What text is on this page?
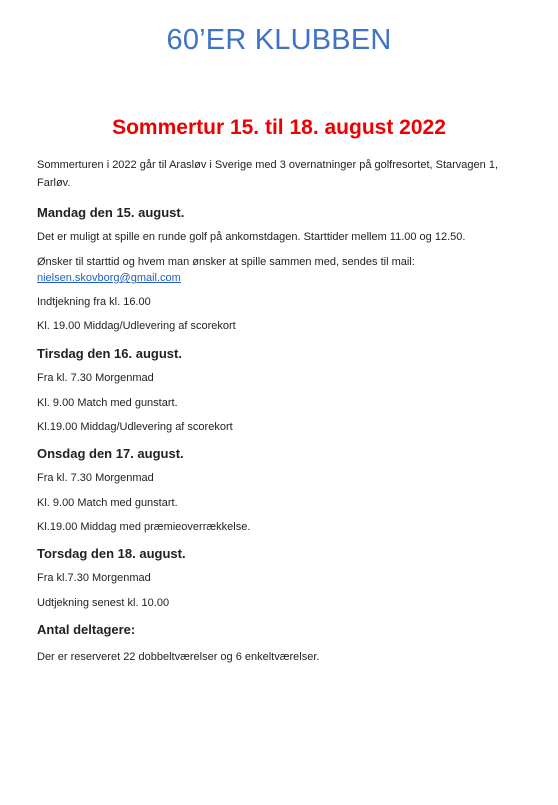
60’ER KLUBBEN
Sommertur 15. til 18. august 2022
Sommerturen i 2022 går til Arasløv i Sverige med 3 overnatninger på golfresortet, Starvagen 1, Farløv.
Mandag den 15. august.
Det er muligt at spille en runde golf på ankomstdagen. Starttider mellem 11.00 og 12.50.
Ønsker til starttid og hvem man ønsker at spille sammen med, sendes til mail:
nielsen.skovborg@gmail.com
Indtjekning fra kl. 16.00
Kl. 19.00 Middag/Udlevering af scorekort
Tirsdag den 16. august.
Fra kl. 7.30 Morgenmad
Kl. 9.00 Match med gunstart.
Kl.19.00 Middag/Udlevering af scorekort
Onsdag den 17. august.
Fra kl. 7.30 Morgenmad
Kl. 9.00 Match med gunstart.
Kl.19.00 Middag med præmieoverrækkelse.
Torsdag den 18. august.
Fra kl.7.30 Morgenmad
Udtjekning senest kl. 10.00
Antal deltagere:
Der er reserveret 22 dobbeltværelser og 6 enkeltværelser.
